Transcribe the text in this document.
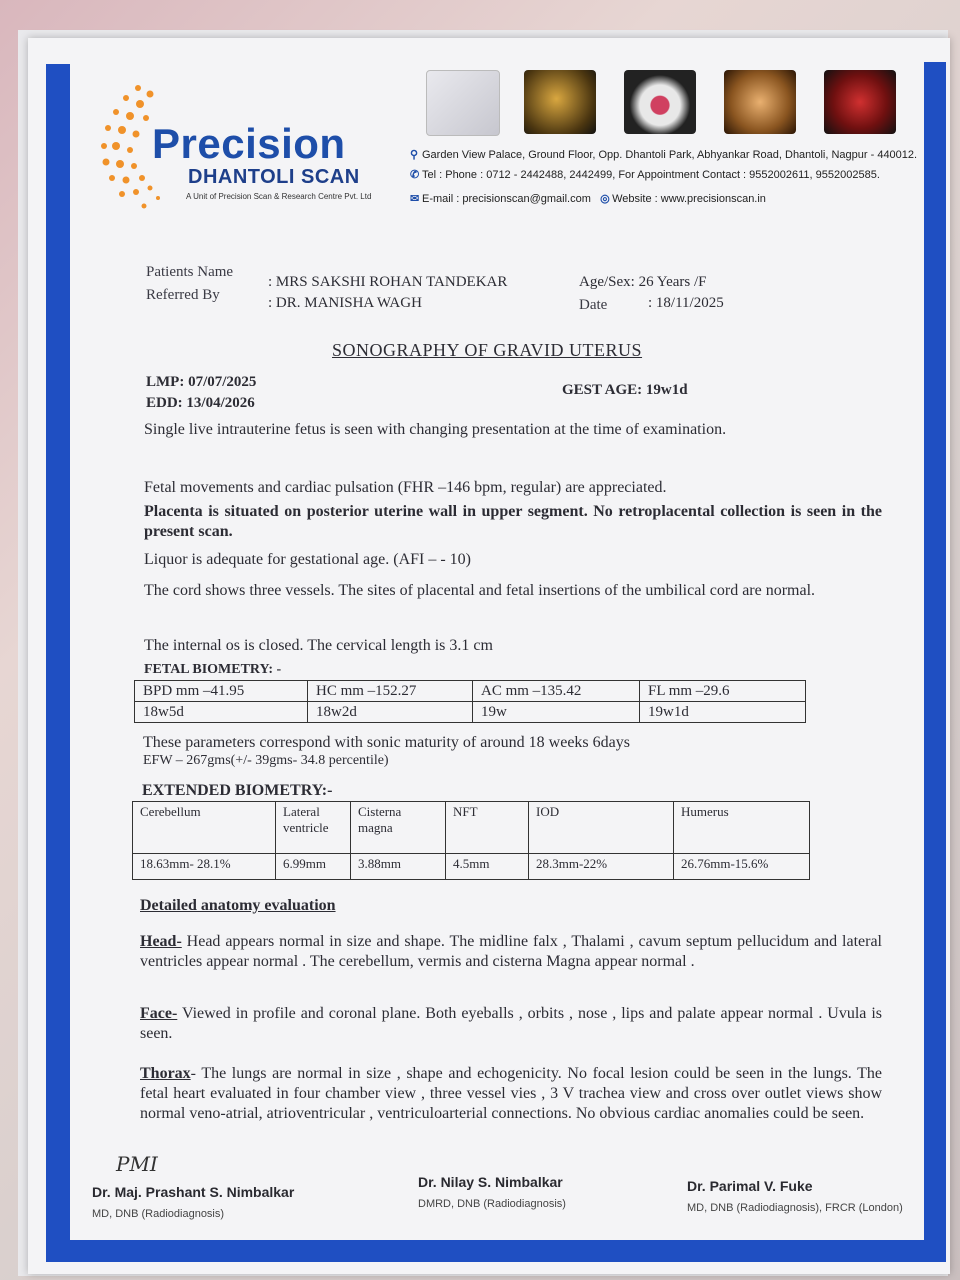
Precision
DHANTOLI SCAN
A Unit of Precision Scan & Research Centre Pvt. Ltd
⚲ Garden View Palace, Ground Floor, Opp. Dhantoli Park, Abhyankar Road, Dhantoli, Nagpur - 440012.
✆ Tel : Phone : 0712 - 2442488, 2442499, For Appointment Contact : 9552002611, 9552002585.
✉ E-mail : precisionscan@gmail.com ◎ Website : www.precisionscan.in
Patients Name
: MRS SAKSHI ROHAN TANDEKAR
Referred By	: DR. MANISHA WAGH
Age/Sex: 26 Years /F
Date	: 18/11/2025
SONOGRAPHY OF GRAVID UTERUS
LMP: 07/07/2025
EDD: 13/04/2026
GEST AGE: 19w1d
Single live intrauterine fetus is seen with changing presentation at the time of examination.
Fetal movements and cardiac pulsation (FHR –146 bpm, regular) are appreciated.
Placenta is situated on posterior uterine wall in upper segment. No retroplacental collection is seen in the present scan.
Liquor is adequate for gestational age. (AFI – - 10)
The cord shows three vessels. The sites of placental and fetal insertions of the umbilical cord are normal.
The internal os is closed. The cervical length is 3.1 cm
FETAL BIOMETRY: -
BPD mm –41.95	HC mm –152.27	AC mm –135.42	FL mm –29.6
18w5d	18w2d	19w	19w1d
These parameters correspond with sonic maturity of around 18 weeks 6days
EFW – 267gms(+/- 39gms- 34.8 percentile)
EXTENDED BIOMETRY:-
Cerebellum	Lateral ventricle	Cisterna magna	NFT	IOD	Humerus
18.63mm- 28.1%	6.99mm	3.88mm	4.5mm	28.3mm-22%	26.76mm-15.6%
Detailed anatomy evaluation
Head- Head appears normal in size and shape. The midline falx , Thalami , cavum septum pellucidum and lateral ventricles appear normal . The cerebellum, vermis and cisterna Magna appear normal .
Face- Viewed in profile and coronal plane. Both eyeballs , orbits , nose , lips and palate appear normal . Uvula is seen.
Thorax- The lungs are normal in size , shape and echogenicity. No focal lesion could be seen in the lungs. The fetal heart evaluated in four chamber view , three vessel vies , 3 V trachea view and cross over outlet views show normal veno-atrial, atrioventricular , ventriculoarterial connections. No obvious cardiac anomalies could be seen.
PMI
Dr. Maj. Prashant S. Nimbalkar
MD, DNB (Radiodiagnosis)
Dr. Nilay S. Nimbalkar
DMRD, DNB (Radiodiagnosis)
Dr. Parimal V. Fuke
MD, DNB (Radiodiagnosis), FRCR (London)
